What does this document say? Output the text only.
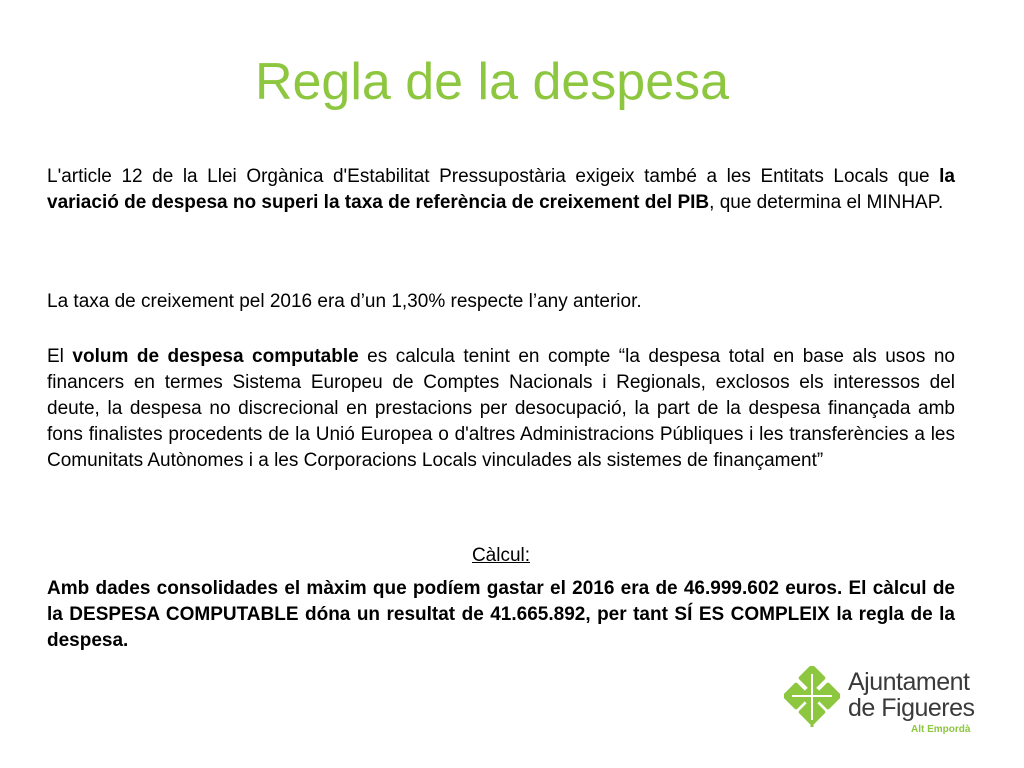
Regla de la despesa

L'article 12 de la Llei Orgànica d'Estabilitat Pressupostària exigeix també a les Entitats Locals que la variació de despesa no superi la taxa de referència de creixement del PIB, que determina el MINHAP.

La taxa de creixement pel 2016 era d’un 1,30% respecte l’any anterior.

El volum de despesa computable es calcula tenint en compte “la despesa total en base als usos no financers en termes Sistema Europeu de Comptes Nacionals i Regionals, exclosos els interessos del deute, la despesa no discrecional en prestacions per desocupació, la part de la despesa finançada amb fons finalistes procedents de la Unió Europea o d'altres Administracions Públiques i les transferències a les Comunitats Autònomes i a les Corporacions Locals vinculades als sistemes de finançament”

Càlcul:

Amb dades consolidades el màxim que podíem gastar el 2016 era de 46.999.602 euros. El càlcul de la DESPESA COMPUTABLE dóna un resultat de 41.665.892, per tant SÍ ES COMPLEIX la regla de la despesa.

Ajuntament
de Figueres
Alt Empordà
